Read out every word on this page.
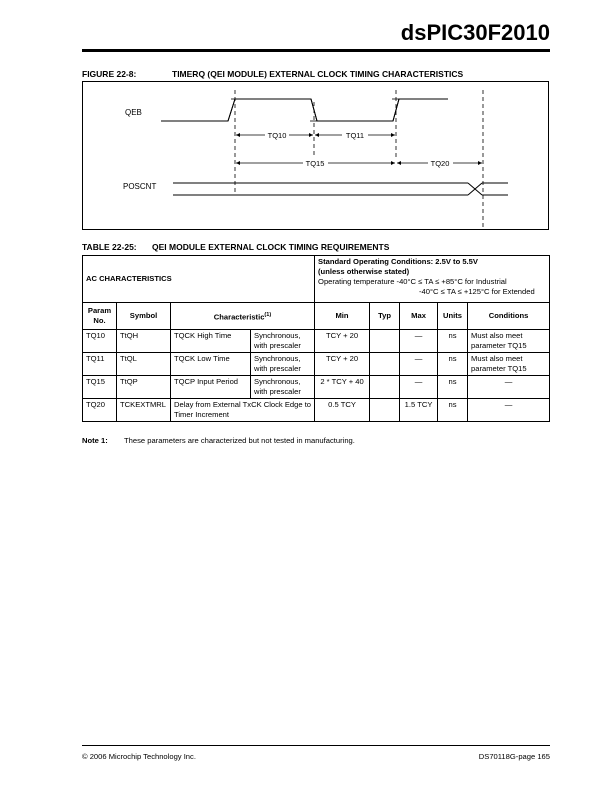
dsPIC30F2010
FIGURE 22-8:	TIMERQ (QEI MODULE) EXTERNAL CLOCK TIMING CHARACTERISTICS
QEB
POSCNT
TQ10	TQ11
TQ15	TQ20
TABLE 22-25: QEI MODULE EXTERNAL CLOCK TIMING REQUIREMENTS
AC CHARACTERISTICS				Standard Operating Conditions: 2.5V to 5.5V
(unless otherwise stated)
Operating temperature -40°C ≤ TA ≤ +85°C for Industrial
-40°C ≤ TA ≤ +125°C for Extended				

Param No.	Symbol	Characteristic$^{(1)}$		Min	Typ	Max	Units	Conditions
TQ10	TtQH	TQCK High Time	Synchronous, with prescaler	TCY + 20		—	ns	Must also meet parameter TQ15
TQ11	TtQL	TQCK Low Time	Synchronous, with prescaler	TCY + 20		—	ns	Must also meet parameter TQ15
TQ15	TtQP	TQCP Input Period	Synchronous, with prescaler	2 * TCY + 40		—	ns	—
TQ20	TCKEXTMRL	Delay from External TxCK Clock Edge to Timer Increment		0.5 TCY		1.5 TCY	ns	—
Note 1: These parameters are characterized but not tested in manufacturing.
© 2006 Microchip Technology Inc.	DS70118G-page 165
